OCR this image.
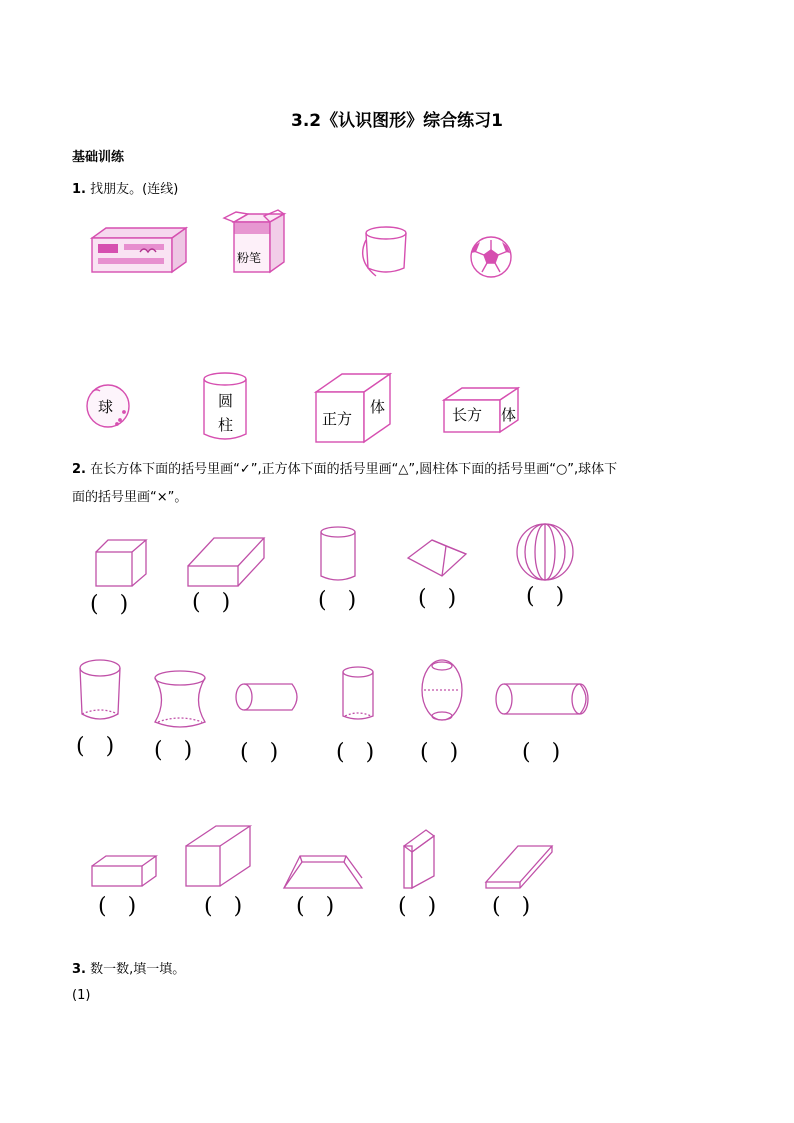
3.2《认识图形》综合练习1
基础训练
1. 找朋友。(连线)
粉笔
球	圆
柱	正方
体	长方 体
2. 在长方体下面的括号里画“✓”,正方体下面的括号里画“△”,圆柱体下面的括号里画“○”,球体下
面的括号里画“×”。
(   )	(   )	(   )	(   )	(   )
(   ) (   ) (   )	(   ) (   )	(   )
(   )	(   ) (   )	(   )	(   )
3. 数一数,填一填。
(1)
